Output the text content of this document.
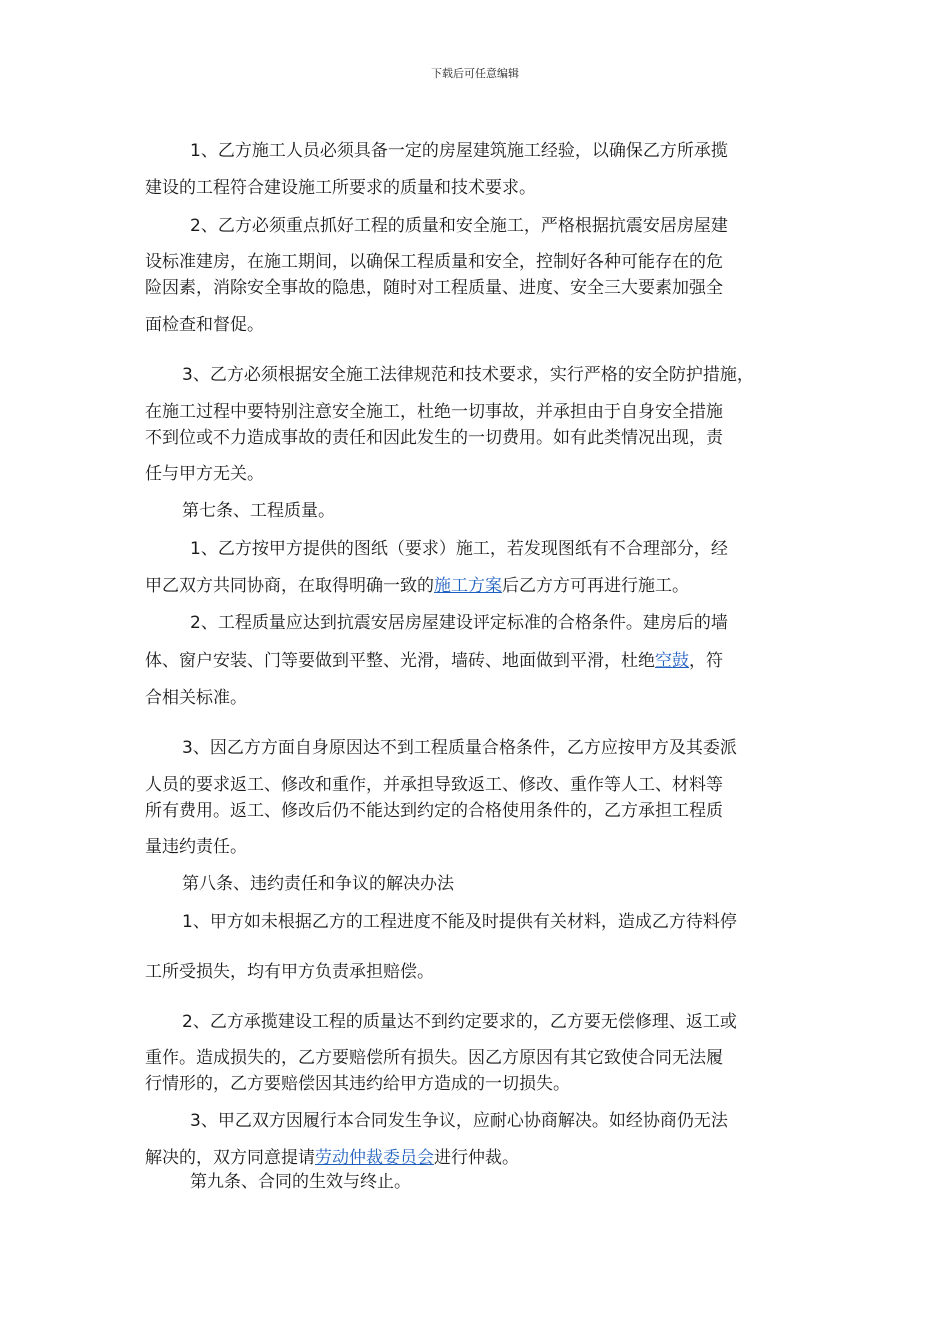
下载后可任意编辑
1、乙方施工人员必须具备一定的房屋建筑施工经验，以确保乙方所承揽
建设的工程符合建设施工所要求的质量和技术要求。
2、乙方必须重点抓好工程的质量和安全施工，严格根据抗震安居房屋建
设标准建房，在施工期间，以确保工程质量和安全，控制好各种可能存在的危
险因素，消除安全事故的隐患，随时对工程质量、进度、安全三大要素加强全
面检查和督促。
3、乙方必须根据安全施工法律规范和技术要求，实行严格的安全防护措施，
在施工过程中要特别注意安全施工，杜绝一切事故，并承担由于自身安全措施
不到位或不力造成事故的责任和因此发生的一切费用。如有此类情况出现，责
任与甲方无关。
第七条、工程质量。
1、乙方按甲方提供的图纸（要求）施工，若发现图纸有不合理部分，经
甲乙双方共同协商，在取得明确一致的施工方案后乙方方可再进行施工。
2、工程质量应达到抗震安居房屋建设评定标准的合格条件。建房后的墙
体、窗户安装、门等要做到平整、光滑，墙砖、地面做到平滑，杜绝空鼓，符
合相关标准。
3、因乙方方面自身原因达不到工程质量合格条件，乙方应按甲方及其委派
人员的要求返工、修改和重作，并承担导致返工、修改、重作等人工、材料等
所有费用。返工、修改后仍不能达到约定的合格使用条件的，乙方承担工程质
量违约责任。
第八条、违约责任和争议的解决办法
1、甲方如未根据乙方的工程进度不能及时提供有关材料，造成乙方待料停
工所受损失，均有甲方负责承担赔偿。
2、乙方承揽建设工程的质量达不到约定要求的，乙方要无偿修理、返工或
重作。造成损失的，乙方要赔偿所有损失。因乙方原因有其它致使合同无法履
行情形的，乙方要赔偿因其违约给甲方造成的一切损失。
3、甲乙双方因履行本合同发生争议，应耐心协商解决。如经协商仍无法
解决的，双方同意提请劳动仲裁委员会进行仲裁。
第九条、合同的生效与终止。
